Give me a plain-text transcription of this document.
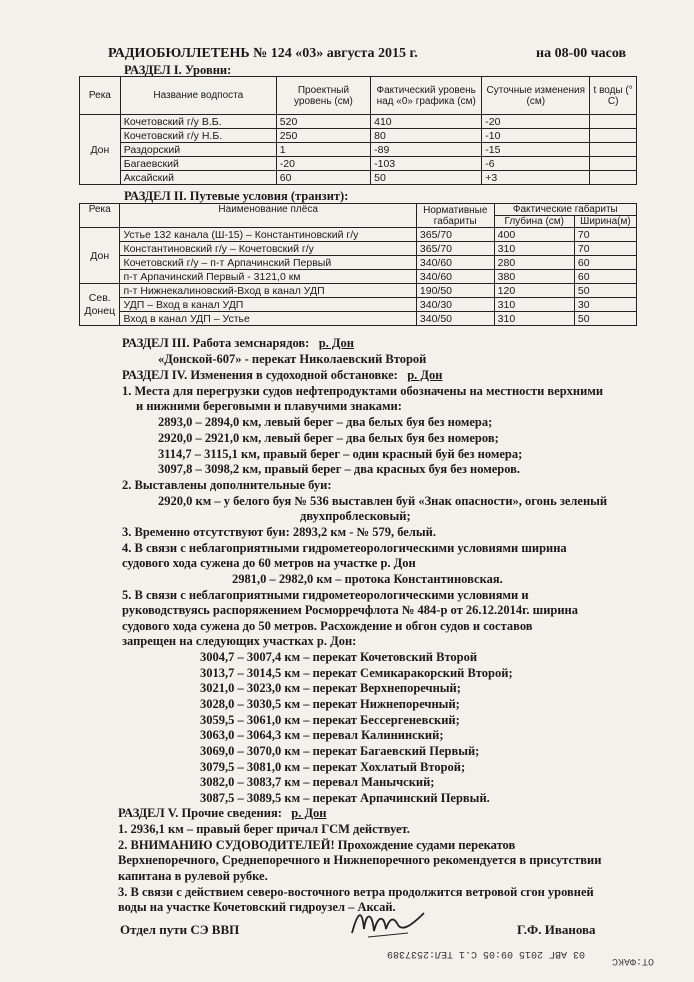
РАДИОБЮЛЛЕТЕНЬ № 124 «03» августа 2015 г.	на 08-00 часов
РАЗДЕЛ I. Уровни:
Река	Название водпоста	Проектный уровень (см)	Фактический уровень над «0» графика (см)	Суточные изменения (см)	t воды (° С)
Дон	Кочетовский г/у В.Б.	520	410	-20	
	Кочетовский г/у Н.Б.	250	80	-10	
	Раздорский	1	-89	-15	
	Багаевский	-20	-103	-6	
	Аксайский	60	50	+3	
РАЗДЕЛ II. Путевые условия (транзит):
Река	Наименование плёса	Нормативные габариты	Фактические габариты	
			Глубина (см)	Ширина(м)
Дон	Устье 132 канала (Ш-15) – Константиновский г/у	365/70	400	70
	Константиновский г/у – Кочетовский г/у	365/70	310	70
	Кочетовский г/у – п-т Арпачинский Первый	340/60	280	60
	п-т Арпачинский Первый - 3121,0 км	340/60	380	60
Сев. Донец	п-т Нижнекалиновский-Вход в канал УДП	190/50	120	50
	УДП – Вход в канал УДП	340/30	310	30
	Вход в канал УДП – Устье	340/50	310	50
РАЗДЕЛ III. Работа земснарядов: р. Дон
«Донской-607» - перекат Николаевский Второй
РАЗДЕЛ IV. Изменения в судоходной обстановке: р. Дон
1. Места для перегрузки судов нефтепродуктами обозначены на местности верхними
и нижними береговыми и плавучими знаками:
2893,0 – 2894,0 км, левый берег – два белых буя без номера;
2920,0 – 2921,0 км, левый берег – два белых буя без номеров;
3114,7 – 3115,1 км, правый берег – один красный буй без номера;
3097,8 – 3098,2 км, правый берег – два красных буя без номеров.
2. Выставлены дополнительные буи:
2920,0 км – у белого буя № 536 выставлен буй «Знак опасности», огонь зеленый
двухпроблесковый;
3. Временно отсутствуют буи: 2893,2 км - № 579, белый.
4. В связи с неблагоприятными гидрометеорологическими условиями ширина
судового хода сужена до 60 метров на участке р. Дон
2981,0 – 2982,0 км – протока Константиновская.
5. В связи с неблагоприятными гидрометеорологическими условиями и
руководствуясь распоряжением Росморречфлота № 484-р от 26.12.2014г. ширина
судового хода сужена до 50 метров. Расхождение и обгон судов и составов
запрещен на следующих участках р. Дон:
3004,7 – 3007,4 км – перекат Кочетовский Второй
3013,7 – 3014,5 км – перекат Семикаракорский Второй;
3021,0 – 3023,0 км – перекат Верхнепоречный;
3028,0 – 3030,5 км – перекат Нижнепоречный;
3059,5 – 3061,0 км – перекат Бессергеневский;
3063,0 – 3064,3 км – перевал Калининский;
3069,0 – 3070,0 км – перекат Багаевский Первый;
3079,5 – 3081,0 км – перекат Хохлатый Второй;
3082,0 – 3083,7 км – перевал Манычский;
3087,5 – 3089,5 км – перекат Арпачинский Первый.
РАЗДЕЛ V. Прочие сведения: р. Дон
1. 2936,1 км – правый берег причал ГСМ действует.
2. ВНИМАНИЮ СУДОВОДИТЕЛЕЙ! Прохождение судами перекатов
Верхнепоречного, Среднепоречного и Нижнепоречного рекомендуется в присутствии
капитана в рулевой рубке.
3. В связи с действием северо-восточного ветра продолжится ветровой сгон уровней
воды на участке Кочетовский гидроузел – Аксай.
Отдел пути СЭ ВВП	Г.Ф. Иванова
03 АВГ 2015 09:05 С.1 ТЕЛ:2537389
ОТ:ФАКС
